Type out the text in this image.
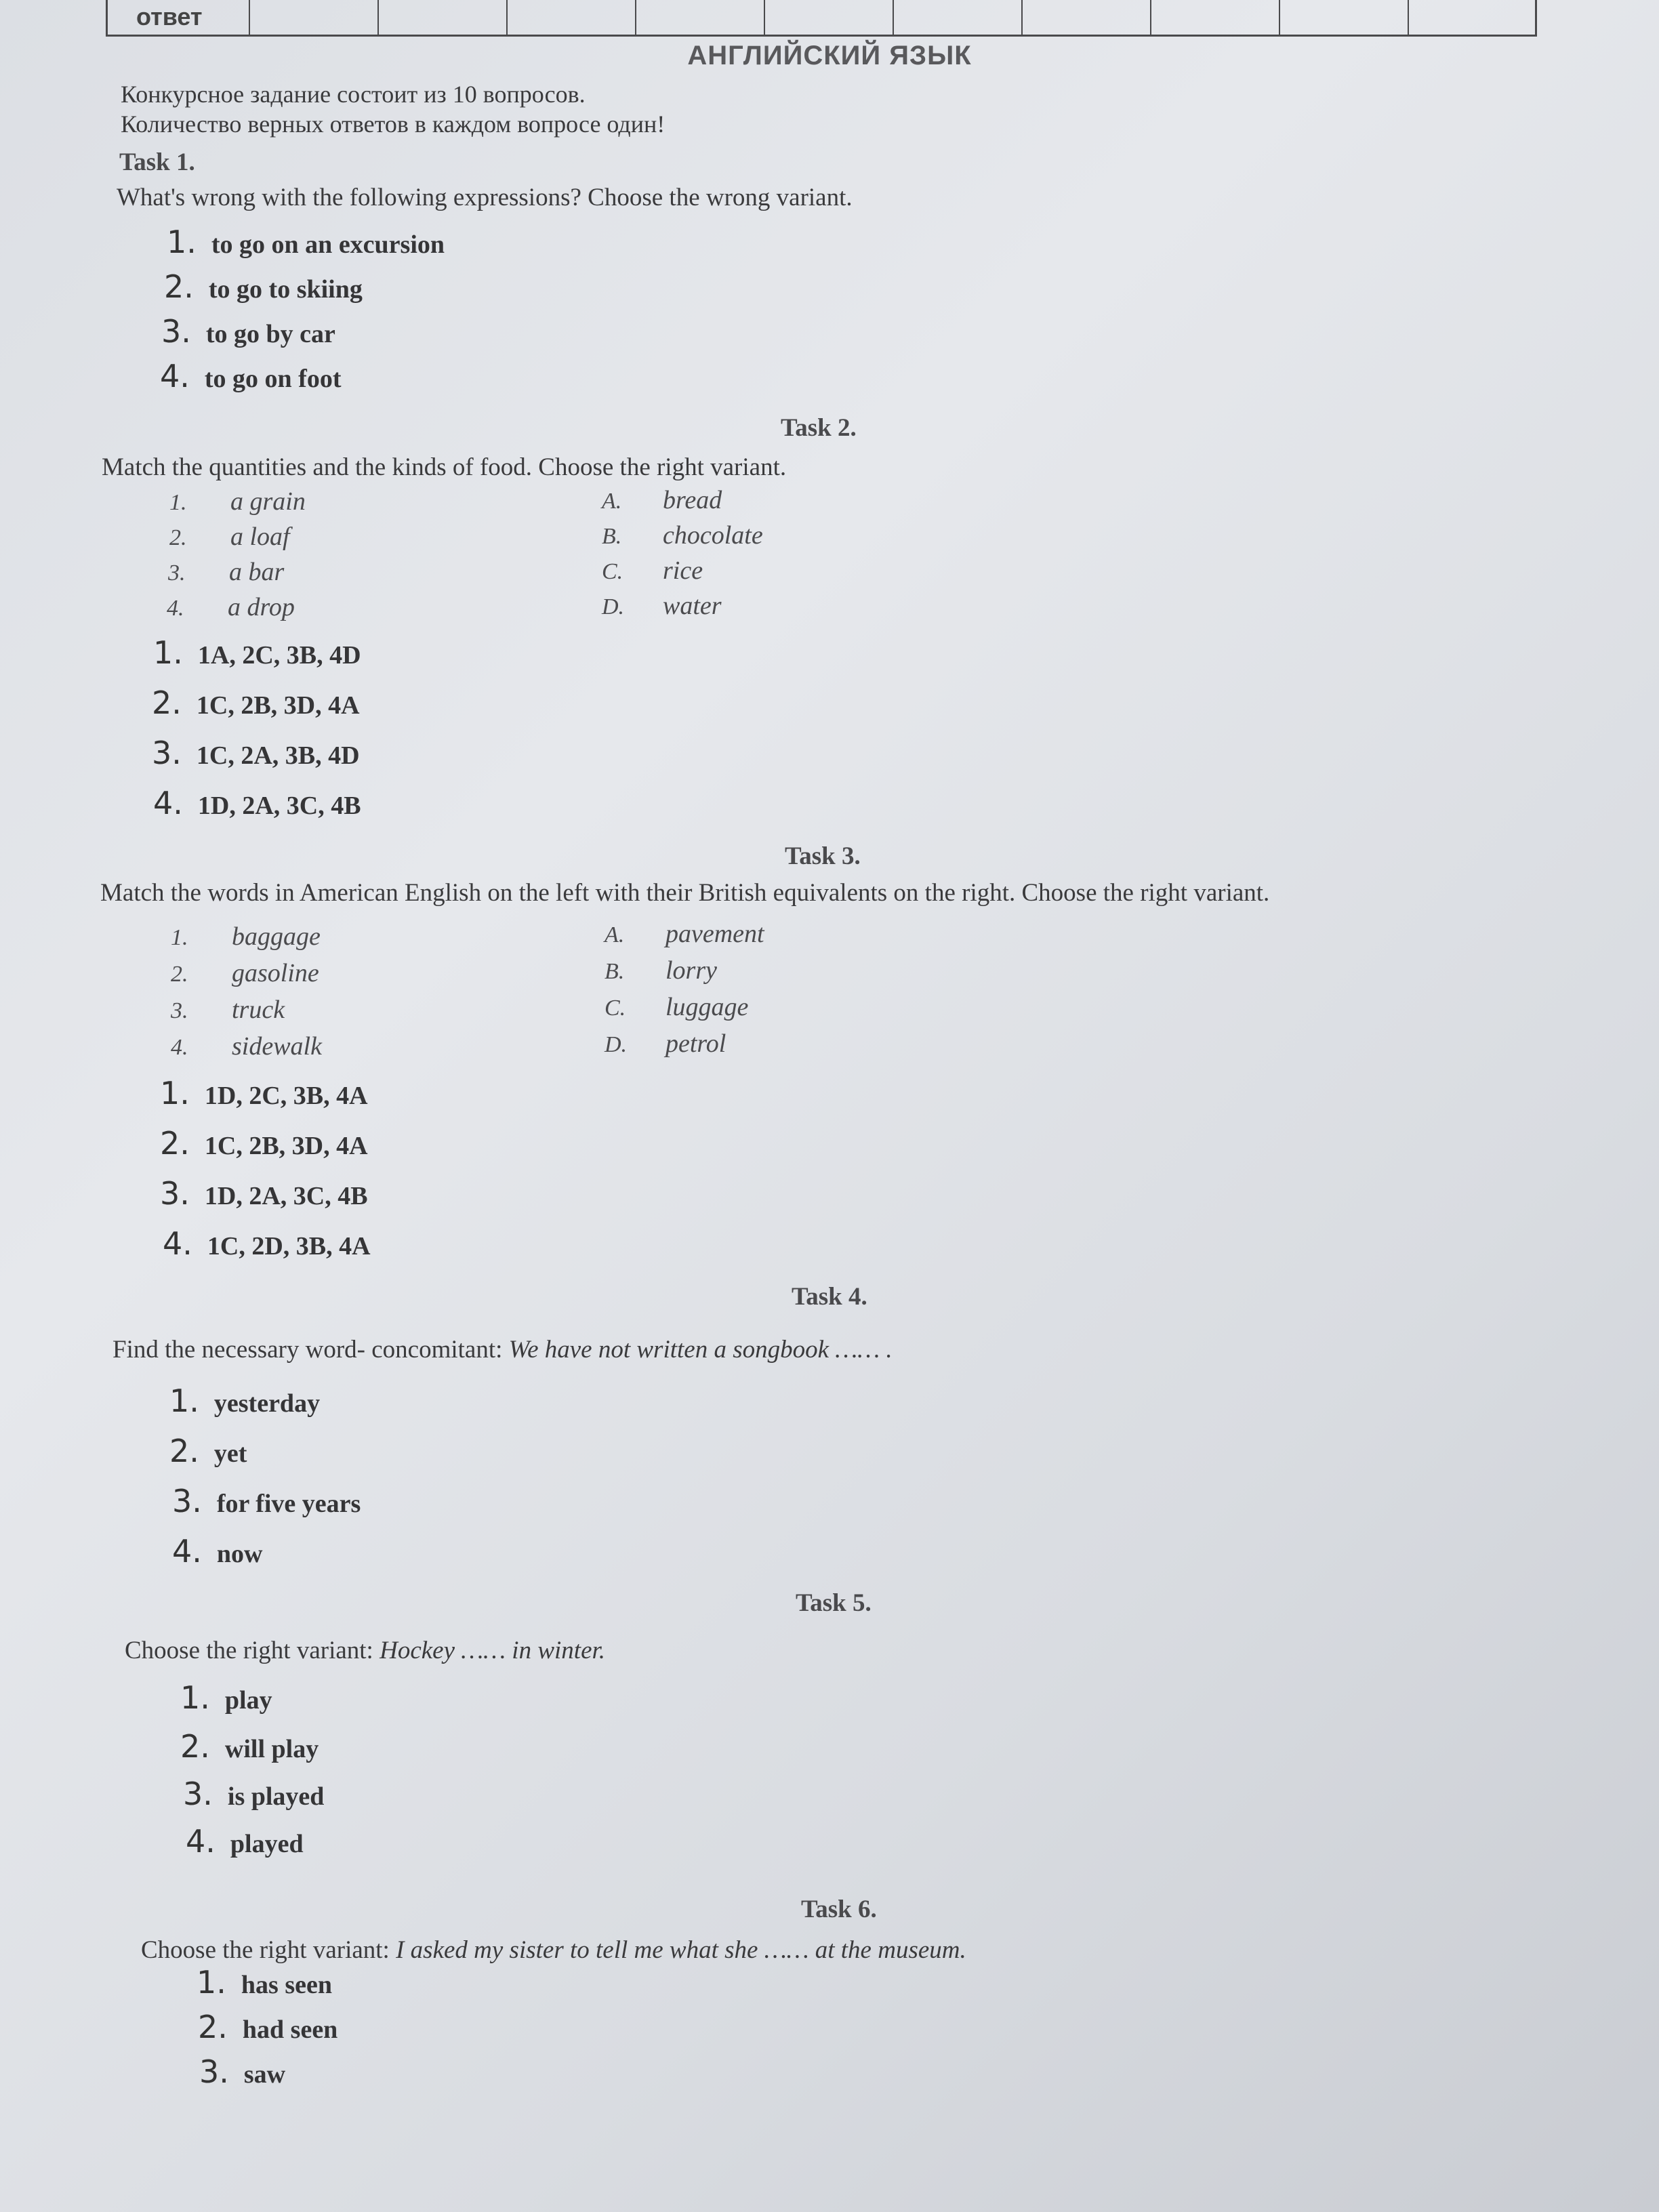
ответ
АНГЛИЙСКИЙ ЯЗЫК
Конкурсное задание состоит из 10 вопросов.
Количество верных ответов в каждом вопросе один!
Task 1.
What's wrong with the following expressions? Choose the wrong variant.
1. to go on an excursion
2. to go to skiing
3. to go by car
4. to go on foot
Task 2.
Match the quantities and the kinds of food. Choose the right variant.
1. a grain
2. a loaf
3. a bar
4. a drop
A. bread
B. chocolate
C. rice
D. water
1. 1A, 2C, 3B, 4D
2. 1C, 2B, 3D, 4A
3. 1C, 2A, 3B, 4D
4. 1D, 2A, 3C, 4B
Task 3.
Match the words in American English on the left with their British equivalents on the right. Choose the right variant.
1. baggage
2. gasoline
3. truck
4. sidewalk
A. pavement
B. lorry
C. luggage
D. petrol
1. 1D, 2C, 3B, 4A
2. 1C, 2B, 3D, 4A
3. 1D, 2A, 3C, 4B
4. 1C, 2D, 3B, 4A
Task 4.
Find the necessary word- concomitant: We have not written a songbook …… .
1. yesterday
2. yet
3. for five years
4. now
Task 5.
Choose the right variant: Hockey …… in winter.
1. play
2. will play
3. is played
4. played
Task 6.
Choose the right variant: I asked my sister to tell me what she …… at the museum.
1. has seen
2. had seen
3. saw
